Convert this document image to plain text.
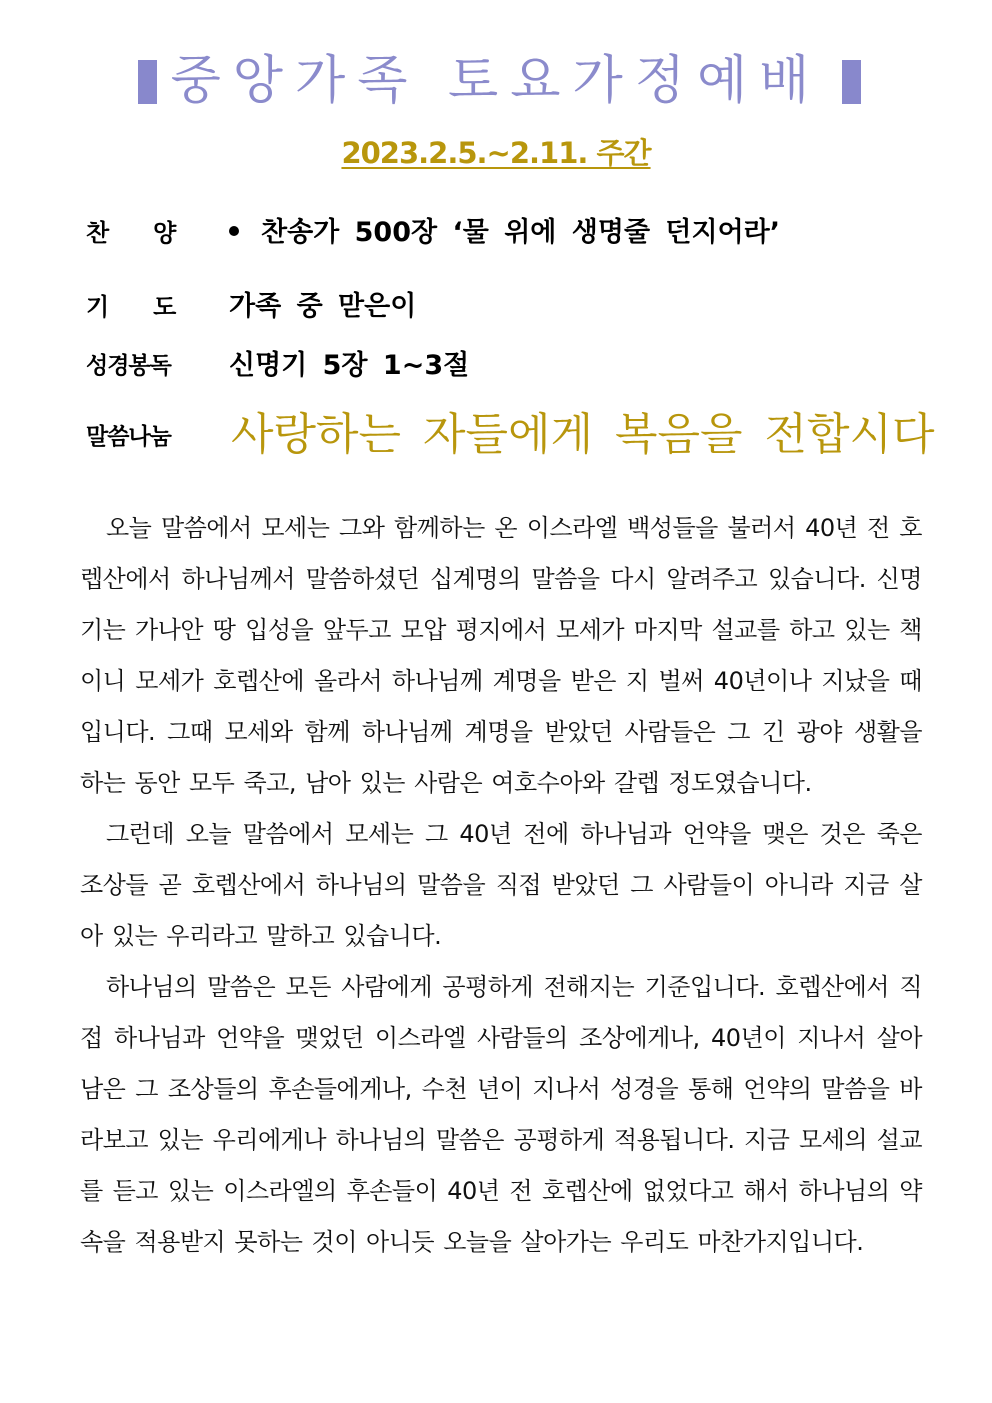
중앙가족 토요가정예배
2023.2.5.~2.11. 주간
찬양	찬송가 500장 ‘물 위에 생명줄 던지어라’
기도 가족 중 맏은이
성경봉독 신명기 5장 1~3절
말씀나눔 사랑하는 자들에게 복음을 전합시다

오늘 말씀에서 모세는 그와 함께하는 온 이스라엘 백성들을 불러서 40년 전 호렙산에서 하나님께서 말씀하셨던 십계명의 말씀을 다시 알려주고 있습니다. 신명기는 가나안 땅 입성을 앞두고 모압 평지에서 모세가 마지막 설교를 하고 있는 책이니 모세가 호렙산에 올라서 하나님께 계명을 받은 지 벌써 40년이나 지났을 때입니다. 그때 모세와 함께 하나님께 계명을 받았던 사람들은 그 긴 광야 생활을 하는 동안 모두 죽고, 남아 있는 사람은 여호수아와 갈렙 정도였습니다.

그런데 오늘 말씀에서 모세는 그 40년 전에 하나님과 언약을 맺은 것은 죽은 조상들 곧 호렙산에서 하나님의 말씀을 직접 받았던 그 사람들이 아니라 지금 살아 있는 우리라고 말하고 있습니다.

하나님의 말씀은 모든 사람에게 공평하게 전해지는 기준입니다. 호렙산에서 직접 하나님과 언약을 맺었던 이스라엘 사람들의 조상에게나, 40년이 지나서 살아남은 그 조상들의 후손들에게나, 수천 년이 지나서 성경을 통해 언약의 말씀을 바라보고 있는 우리에게나 하나님의 말씀은 공평하게 적용됩니다. 지금 모세의 설교를 듣고 있는 이스라엘의 후손들이 40년 전 호렙산에 없었다고 해서 하나님의 약속을 적용받지 못하는 것이 아니듯 오늘을 살아가는 우리도 마찬가지입니다.
